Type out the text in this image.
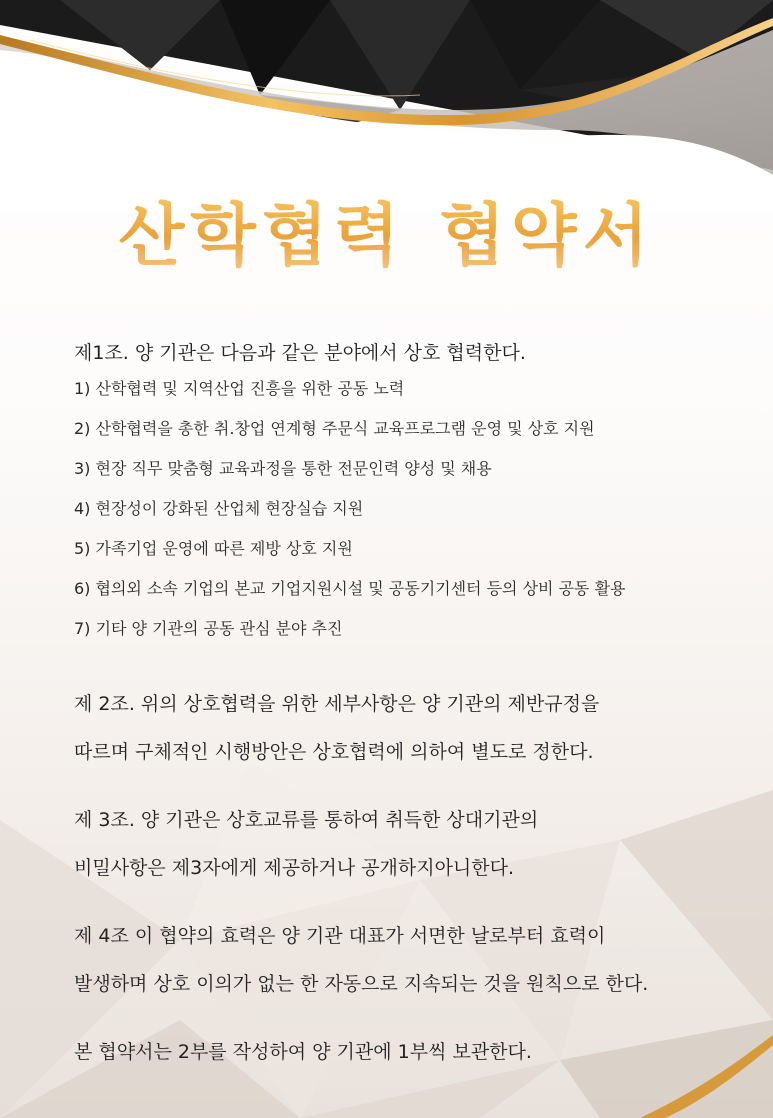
산학협력 협약서

제1조. 양 기관은 다음과 같은 분야에서 상호 협력한다.

1) 산학협력 및 지역산업 진흥을 위한 공동 노력
2) 산학협력을 총한 취.창업 연계형 주문식 교육프로그램 운영 및 상호 지원
3) 현장 직무 맞춤형 교육과정을 통한 전문인력 양성 및 채용
4) 현장성이 강화된 산업체 현장실습 지원
5) 가족기업 운영에 따른 제방 상호 지원
6) 협의외 소속 기업의 본교 기업지원시설 및 공동기기센터 등의 상비 공동 활용
7) 기타 양 기관의 공동 관심 분야 추진

제 2조. 위의 상호협력을 위한 세부사항은 양 기관의 제반규정을

따르며 구체적인 시행방안은 상호협력에 의하여 별도로 정한다.

제 3조. 양 기관은 상호교류를 통하여 취득한 상대기관의

비밀사항은 제3자에게 제공하거나 공개하지아니한다.

제 4조 이 협약의 효력은 양 기관 대표가 서면한 날로부터 효력이

발생하며 상호 이의가 없는 한 자동으로 지속되는 것을 원칙으로 한다.

본 협약서는 2부를 작성하여 양 기관에 1부씩 보관한다.
